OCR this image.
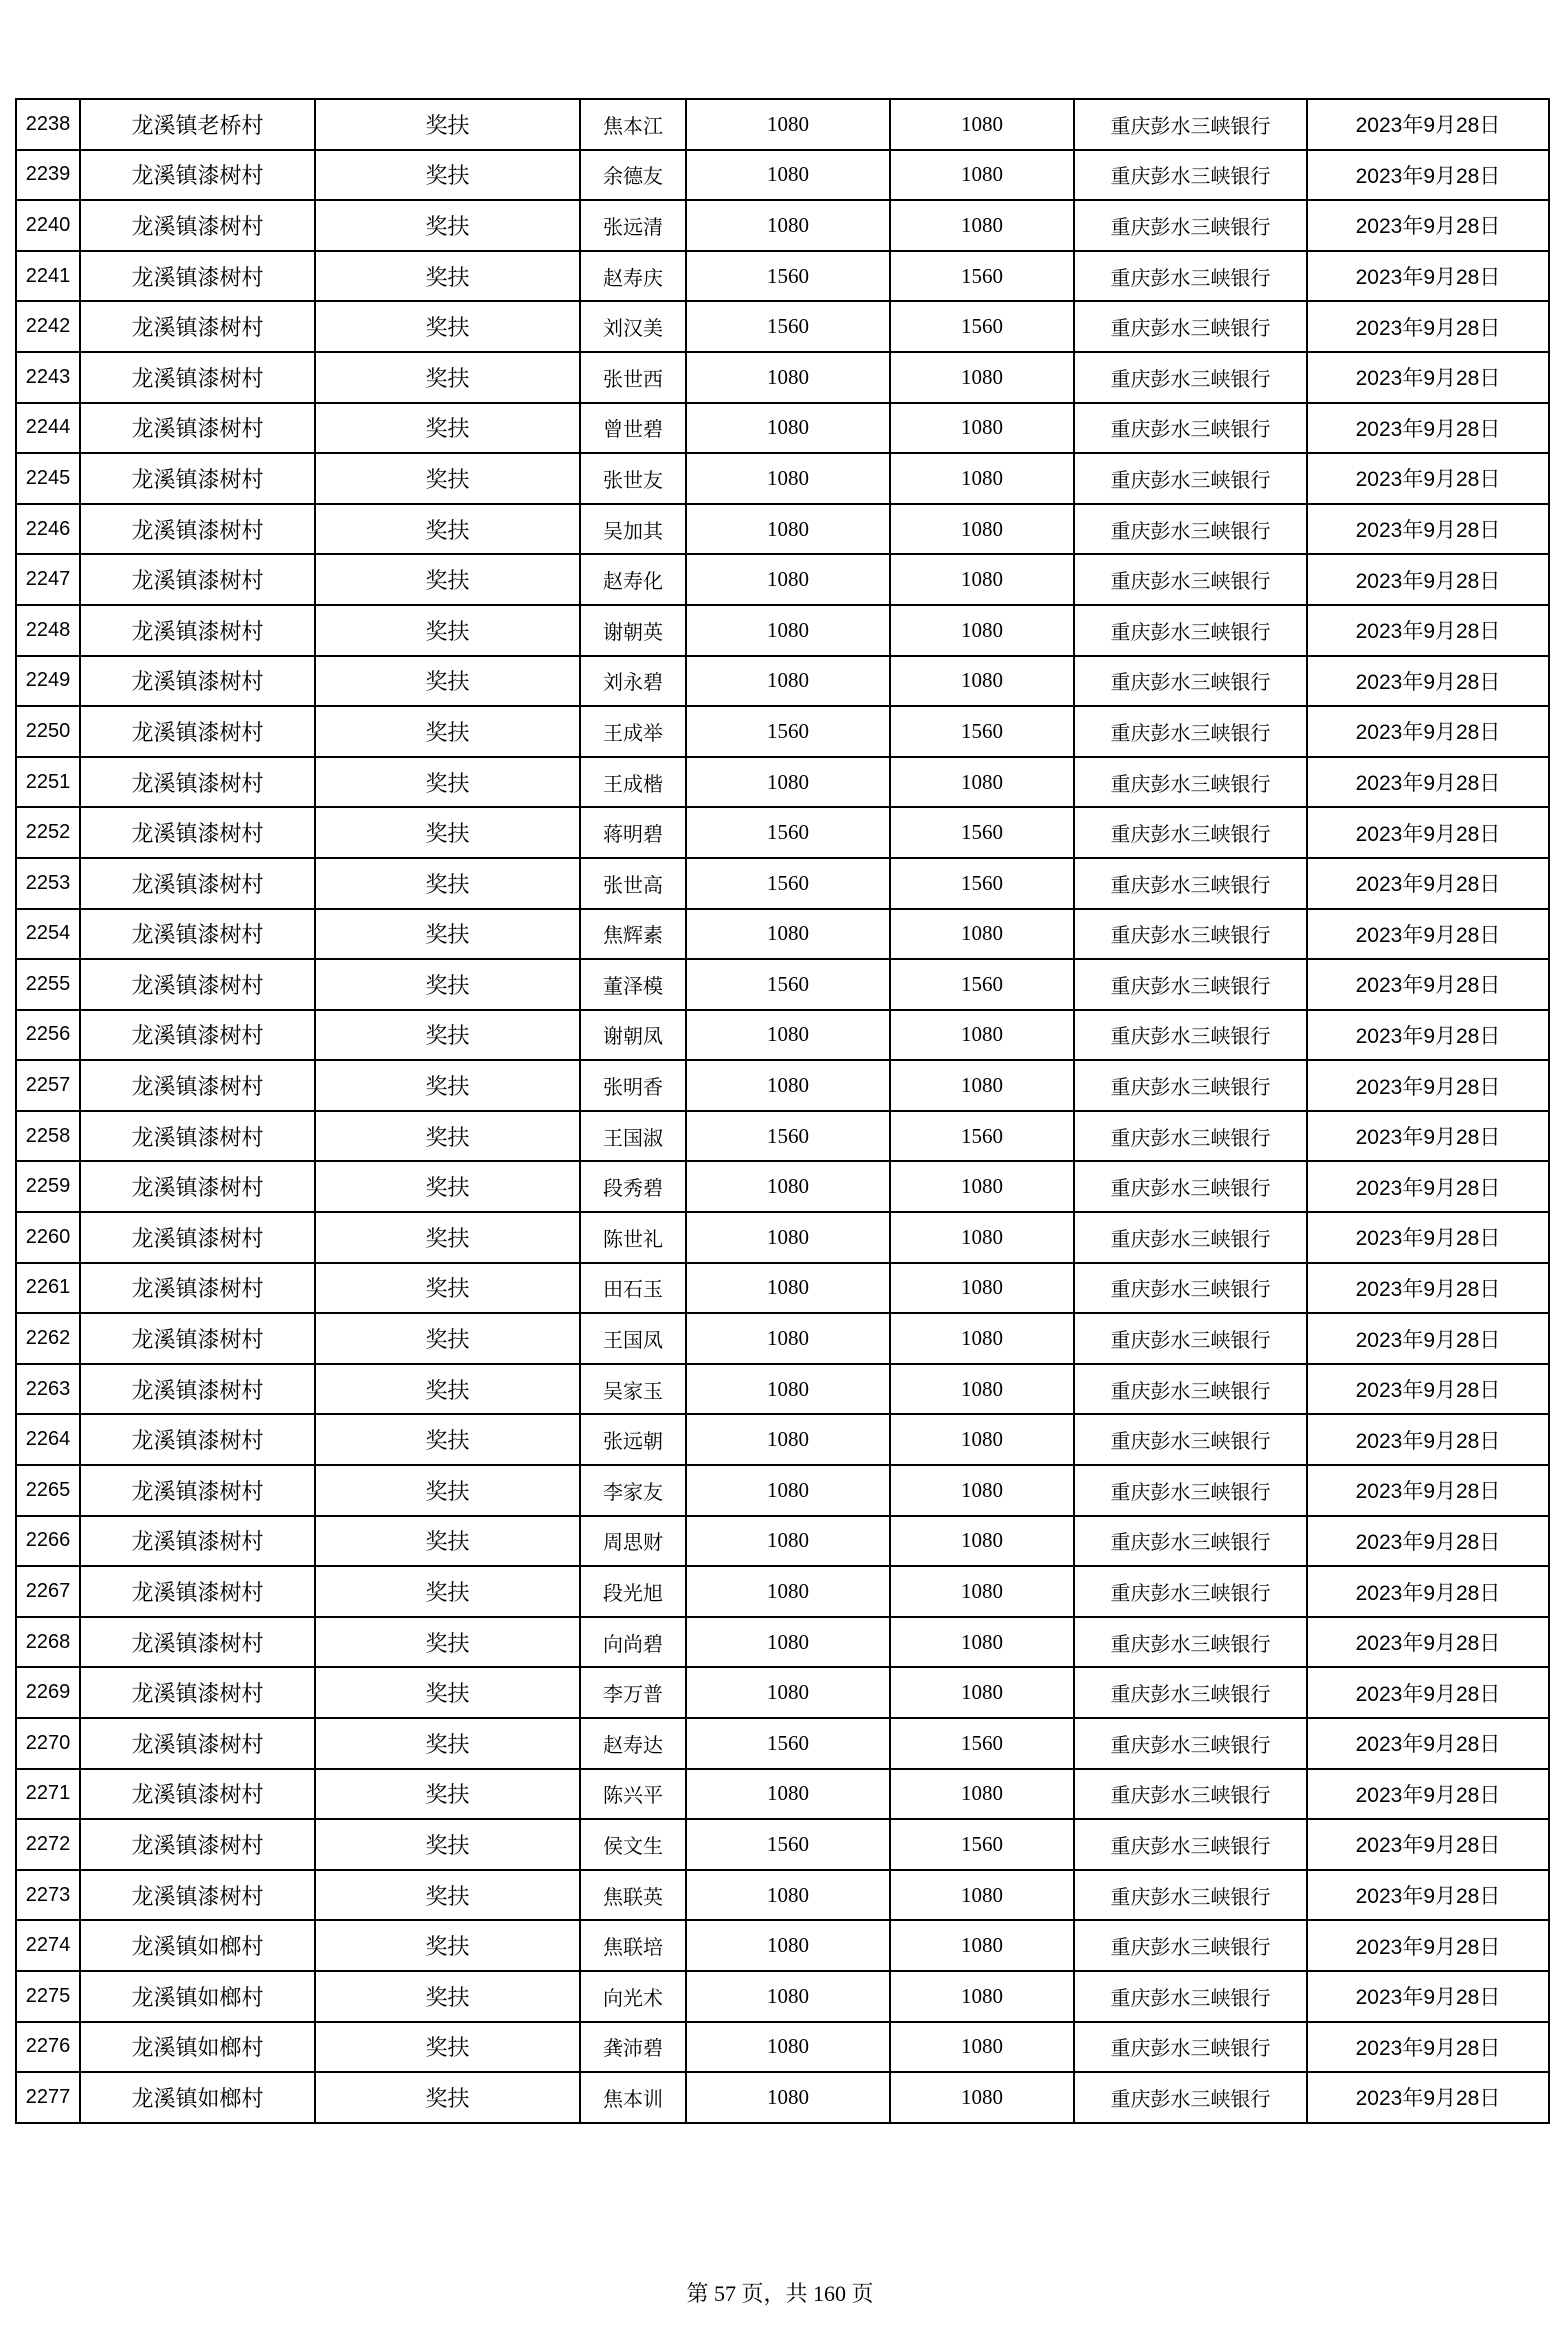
2238	龙溪镇老桥村	奖扶	焦本江	1080	1080	重庆彭水三峡银行	2023年9月28日
2239	龙溪镇漆树村	奖扶	余德友	1080	1080	重庆彭水三峡银行	2023年9月28日
2240	龙溪镇漆树村	奖扶	张远清	1080	1080	重庆彭水三峡银行	2023年9月28日
2241	龙溪镇漆树村	奖扶	赵寿庆	1560	1560	重庆彭水三峡银行	2023年9月28日
2242	龙溪镇漆树村	奖扶	刘汉美	1560	1560	重庆彭水三峡银行	2023年9月28日
2243	龙溪镇漆树村	奖扶	张世西	1080	1080	重庆彭水三峡银行	2023年9月28日
2244	龙溪镇漆树村	奖扶	曾世碧	1080	1080	重庆彭水三峡银行	2023年9月28日
2245	龙溪镇漆树村	奖扶	张世友	1080	1080	重庆彭水三峡银行	2023年9月28日
2246	龙溪镇漆树村	奖扶	吴加其	1080	1080	重庆彭水三峡银行	2023年9月28日
2247	龙溪镇漆树村	奖扶	赵寿化	1080	1080	重庆彭水三峡银行	2023年9月28日
2248	龙溪镇漆树村	奖扶	谢朝英	1080	1080	重庆彭水三峡银行	2023年9月28日
2249	龙溪镇漆树村	奖扶	刘永碧	1080	1080	重庆彭水三峡银行	2023年9月28日
2250	龙溪镇漆树村	奖扶	王成举	1560	1560	重庆彭水三峡银行	2023年9月28日
2251	龙溪镇漆树村	奖扶	王成楷	1080	1080	重庆彭水三峡银行	2023年9月28日
2252	龙溪镇漆树村	奖扶	蒋明碧	1560	1560	重庆彭水三峡银行	2023年9月28日
2253	龙溪镇漆树村	奖扶	张世高	1560	1560	重庆彭水三峡银行	2023年9月28日
2254	龙溪镇漆树村	奖扶	焦辉素	1080	1080	重庆彭水三峡银行	2023年9月28日
2255	龙溪镇漆树村	奖扶	董泽模	1560	1560	重庆彭水三峡银行	2023年9月28日
2256	龙溪镇漆树村	奖扶	谢朝凤	1080	1080	重庆彭水三峡银行	2023年9月28日
2257	龙溪镇漆树村	奖扶	张明香	1080	1080	重庆彭水三峡银行	2023年9月28日
2258	龙溪镇漆树村	奖扶	王国淑	1560	1560	重庆彭水三峡银行	2023年9月28日
2259	龙溪镇漆树村	奖扶	段秀碧	1080	1080	重庆彭水三峡银行	2023年9月28日
2260	龙溪镇漆树村	奖扶	陈世礼	1080	1080	重庆彭水三峡银行	2023年9月28日
2261	龙溪镇漆树村	奖扶	田石玉	1080	1080	重庆彭水三峡银行	2023年9月28日
2262	龙溪镇漆树村	奖扶	王国凤	1080	1080	重庆彭水三峡银行	2023年9月28日
2263	龙溪镇漆树村	奖扶	吴家玉	1080	1080	重庆彭水三峡银行	2023年9月28日
2264	龙溪镇漆树村	奖扶	张远朝	1080	1080	重庆彭水三峡银行	2023年9月28日
2265	龙溪镇漆树村	奖扶	李家友	1080	1080	重庆彭水三峡银行	2023年9月28日
2266	龙溪镇漆树村	奖扶	周思财	1080	1080	重庆彭水三峡银行	2023年9月28日
2267	龙溪镇漆树村	奖扶	段光旭	1080	1080	重庆彭水三峡银行	2023年9月28日
2268	龙溪镇漆树村	奖扶	向尚碧	1080	1080	重庆彭水三峡银行	2023年9月28日
2269	龙溪镇漆树村	奖扶	李万普	1080	1080	重庆彭水三峡银行	2023年9月28日
2270	龙溪镇漆树村	奖扶	赵寿达	1560	1560	重庆彭水三峡银行	2023年9月28日
2271	龙溪镇漆树村	奖扶	陈兴平	1080	1080	重庆彭水三峡银行	2023年9月28日
2272	龙溪镇漆树村	奖扶	侯文生	1560	1560	重庆彭水三峡银行	2023年9月28日
2273	龙溪镇漆树村	奖扶	焦联英	1080	1080	重庆彭水三峡银行	2023年9月28日
2274	龙溪镇如榔村	奖扶	焦联培	1080	1080	重庆彭水三峡银行	2023年9月28日
2275	龙溪镇如榔村	奖扶	向光术	1080	1080	重庆彭水三峡银行	2023年9月28日
2276	龙溪镇如榔村	奖扶	龚沛碧	1080	1080	重庆彭水三峡银行	2023年9月28日
2277	龙溪镇如榔村	奖扶	焦本训	1080	1080	重庆彭水三峡银行	2023年9月28日
第 57 页，共 160 页
